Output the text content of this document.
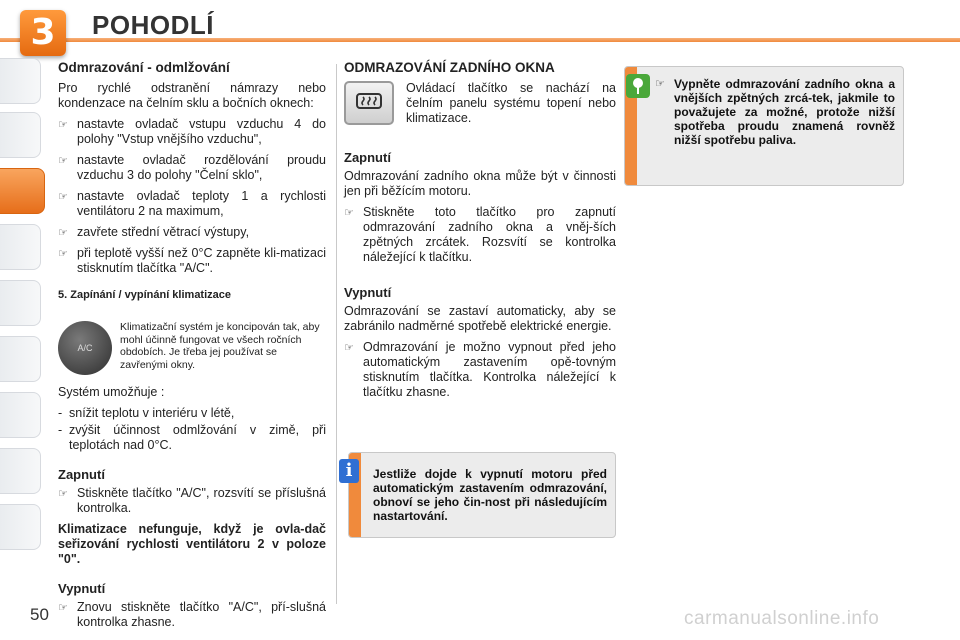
3	POHODLÍ
Odmrazování - odmlžování

Pro rychlé odstranění námrazy nebo kondenzace na čelním sklu a bočních oknech:

☞ nastavte ovladač vstupu vzduchu 4 do polohy "Vstup vnějšího vzduchu",
☞ nastavte ovladač rozdělování proudu vzduchu 3 do polohy "Čelní sklo",
☞ nastavte ovladač teploty 1 a rychlosti ventilátoru 2 na maximum,
☞ zavřete střední větrací výstupy,
☞ při teplotě vyšší než 0°C zapněte kli-matizaci stisknutím tlačítka "A/C".
5. Zapínání / vypínání klimatizace
A/C
Klimatizační systém je koncipován tak, aby mohl účinně fungovat ve všech ročních obdobích. Je třeba jej používat se zavřenými okny.

Systém umožňuje :

- snížit teplotu v interiéru v létě,
- zvýšit účinnost odmlžování v zimě, při teplotách nad 0°C.
Zapnutí
☞ Stiskněte tlačítko "A/C", rozsvítí se příslušná kontrolka.

Klimatizace nefunguje, když je ovla-dač seřizování rychlosti ventilátoru 2 v poloze "0".

Vypnutí
☞ Znovu stiskněte tlačítko "A/C", pří-slušná kontrolka zhasne.
ODMRAZOVÁNÍ ZADNÍHO OKNA

Ovládací tlačítko se nachází na čelním panelu systému topení nebo klimatizace.

Zapnutí

Odmrazování zadního okna může být v činnosti jen při běžícím motoru.

☞ Stiskněte toto tlačítko pro zapnutí odmrazování zadního okna a vněj-ších zpětných zrcátek. Rozsvítí se kontrolka náležející k tlačítku.
Vypnutí

Odmrazování se zastaví automaticky, aby se zabránilo nadměrné spotřebě elektrické energie.

☞ Odmrazování je možno vypnout před jeho automatickým zastavením opě-tovným stisknutím tlačítka. Kontrolka náležející k tlačítku zhasne.
☞ Vypněte odmrazování zadního okna a vnějších zpětných zrcá-tek, jakmile to považujete za možné, protože nižší spotřeba proudu znamená rovněž nižší spotřebu paliva.
Jestliže dojde k vypnutí motoru před automatickým zastavením odmrazování, obnoví se jeho čin-nost při následujícím nastartování.
i
50	carmanualsonline.info
